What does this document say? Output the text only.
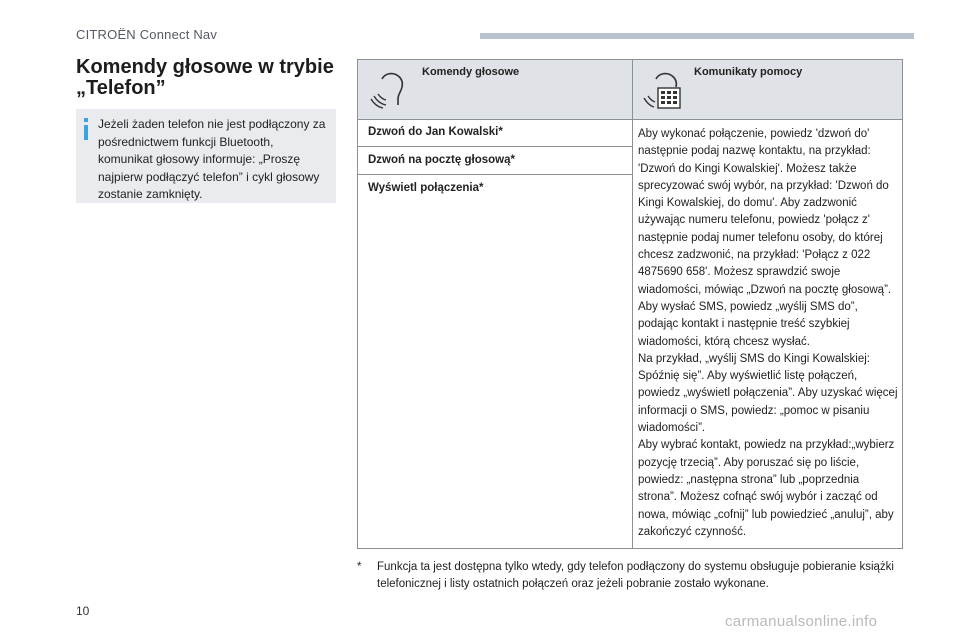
CITROËN Connect Nav
Komendy głosowe w trybie
„Telefon”
Jeżeli żaden telefon nie jest podłączony za pośrednictwem funkcji Bluetooth, komunikat głosowy informuje: „Proszę najpierw podłączyć telefon” i cykl głosowy zostanie zamknięty.
Komendy głosowe	Komunikaty pomocy
Dzwoń do Jan Kowalski*
Dzwoń na pocztę głosową*
Wyświetl połączenia*
Aby wykonać połączenie, powiedz 'dzwoń do' następnie podaj nazwę kontaktu, na przykład: 'Dzwoń do Kingi Kowalskiej'. Możesz także sprecyzować swój wybór, na przykład: 'Dzwoń do Kingi Kowalskiej, do domu'. Aby zadzwonić używając numeru telefonu, powiedz 'połącz z' następnie podaj numer telefonu osoby, do której chcesz zadzwonić, na przykład: 'Połącz z 022 4875690 658'. Możesz sprawdzić swoje wiadomości, mówiąc „Dzwoń na pocztę głosową”. Aby wysłać SMS, powiedz „wyślij SMS do”, podając kontakt i następnie treść szybkiej wiadomości, którą chcesz wysłać.
Na przykład, „wyślij SMS do Kingi Kowalskiej: Spóźnię się”. Aby wyświetlić listę połączeń, powiedz „wyświetl połączenia”. Aby uzyskać więcej informacji o SMS, powiedz: „pomoc w pisaniu wiadomości”.
Aby wybrać kontakt, powiedz na przykład:„wybierz pozycję trzecią”. Aby poruszać się po liście, powiedz: „następna strona” lub „poprzednia strona”. Możesz cofnąć swój wybór i zacząć od nowa, mówiąc „cofnij” lub powiedzieć „anuluj”, aby zakończyć czynność.
* Funkcja ta jest dostępna tylko wtedy, gdy telefon podłączony do systemu obsługuje pobieranie książki telefonicznej i listy ostatnich połączeń oraz jeżeli pobranie zostało wykonane.
10
carmanualsonline.info
